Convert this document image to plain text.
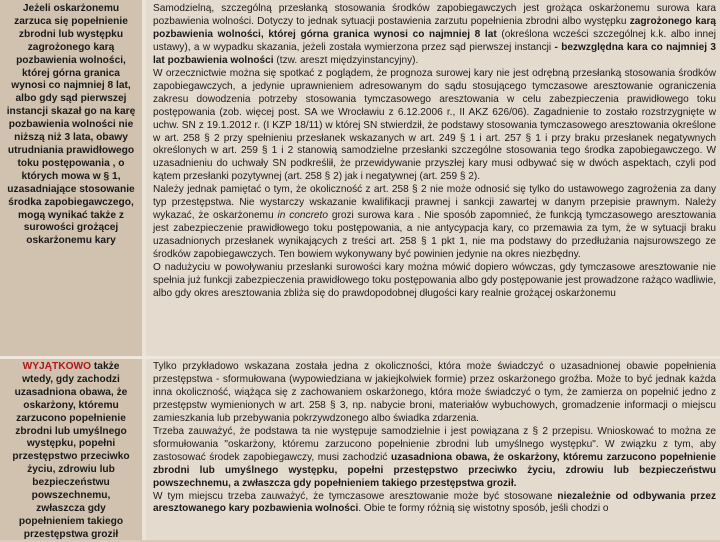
Jeżeli oskarżonemu zarzuca się popełnienie zbrodni lub występku zagrożonego karą pozbawienia wolności, której górna granica wynosi co najmniej 8 lat, albo gdy sąd pierwszej instancji skazał go na karę pozbawienia wolności nie niższą niż 3 lata, obawy utrudniania prawidłowego toku postępowania , o których mowa w § 1, uzasadniające stosowanie środka zapobiegawczego, mogą wynikać także z surowości grożącej oskarżonemu kary

Samodzielną, szczególną przesłanką stosowania środków zapobiegawczych jest grożąca oskarżonemu surowa kara pozbawienia wolności. Dotyczy to jednak sytuacji postawienia zarzutu popełnienia zbrodni albo występku zagrożonego karą pozbawienia wolności, której górna granica wynosi co najmniej 8 lat (określona wcześci szczególnej k.k. albo innej ustawy), a w wypadku skazania, jeżeli została wymierzona przez sąd pierwszej instancji - bezwzględna kara co najmniej 3 lat pozbawienia wolności (tzw. areszt międzyinstancyjny).

W orzecznictwie można się spotkać z poglądem, że prognoza surowej kary nie jest odrębną przesłanką stosowania środków zapobiegawczych, a jedynie uprawnieniem adresowanym do sądu stosującego tymczasowe aresztowanie ograniczenia zakresu dowodzenia potrzeby stosowania tymczasowego aresztowania w celu zabezpieczenia prawidłowego toku postępowania (zob. więcej post. SA we Wrocławiu z 6.12.2006 r., II AKZ 626/06). Zagadnienie to zostało rozstrzygnięte w uchw. SN z 19.1.2012 r. (I KZP 18/11) w której SN stwierdził, że podstawy stosowania tymczasowego aresztowania określone w art. 258 § 2 przy spełnieniu przesłanek wskazanych w art. 249 § 1 i art. 257 § 1 i przy braku przesłanek negatywnych określonych w art. 259 § 1 i 2 stanowią samodzielne przesłanki szczególne stosowania tego środka zapobiegawczego. W uzasadnieniu do uchwały SN podkreślił, że przewidywanie przyszłej kary musi odbywać się w dwóch aspektach, czyli pod kątem przesłanki pozytywnej (art. 258 § 2) jak i negatywnej (art. 259 § 2).

Należy jednak pamiętać o tym, że okoliczność z art. 258 § 2 nie może odnosić się tylko do ustawowego zagrożenia za dany typ przestępstwa. Nie wystarczy wskazanie kwalifikacji prawnej i sankcji zawartej w danym przepisie prawnym. Należy wykazać, że oskarżonemu in concreto grozi surowa kara . Nie sposób zapomnieć, że funkcją tymczasowego aresztowania jest zabezpieczenie prawidłowego toku postępowania, a nie antycypacja kary, co przemawia za tym, że w sytuacji braku uzasadnionych przesłanek wynikających z treści art. 258 § 1 pkt 1, nie ma podstawy do przedłużania najsurowszego ze środków zapobiegawczych. Ten bowiem wykonywany być powinien jedynie na okres niezbędny.

O nadużyciu w powoływaniu przesłanki surowości kary można mówić dopiero wówczas, gdy tymczasowe aresztowanie nie spełnia już funkcji zabezpieczenia prawidłowego toku postępowania albo gdy postępowanie jest prowadzone rażąco wadliwie, albo gdy okres aresztowania zbliża się do prawdopodobnej długości kary realnie grożącej oskarżonemu

WYJĄTKOWO także wtedy, gdy zachodzi uzasadniona obawa, że oskarżony, któremu zarzucono popełnienie zbrodni lub umyślnego występku, popełni przestępstwo przeciwko życiu, zdrowiu lub bezpieczeństwu powszechnemu, zwłaszcza gdy popełnieniem takiego przestępstwa groził

Tylko przykładowo wskazana została jedna z okoliczności, która może świadczyć o uzasadnionej obawie popełnienia przestępstwa - sformułowana (wypowiedziana w jakiejkolwiek formie) przez oskarżonego groźba. Może to być jednak każda inna okoliczność, wiążąca się z zachowaniem oskarżonego, która może świadczyć o tym, że zamierza on popełnić jedno z przestępstw wymienionych w art. 258 § 3, np. nabycie broni, materiałów wybuchowych, gromadzenie informacji o miejscu zamieszkania lub przebywania pokrzywdzonego albo świadka zdarzenia.

Trzeba zauważyć, że podstawa ta nie występuje samodzielnie i jest powiązana z § 2 przepisu. Wnioskować to można ze sformułowania "oskarżony, któremu zarzucono popełnienie zbrodni lub umyślnego występku". W związku z tym, aby zastosować środek zapobiegawczy, musi zachodzić uzasadniona obawa, że oskarżony, któremu zarzucono popełnienie zbrodni lub umyślnego występku, popełni przestępstwo przeciwko życiu, zdrowiu lub bezpieczeństwu powszechnemu, a zwłaszcza gdy popełnieniem takiego przestępstwa groził.

W tym miejscu trzeba zauważyć, że tymczasowe aresztowanie może być stosowane niezależnie od odbywania przez aresztowanego kary pozbawienia wolności. Obie te formy różnią się wistotny sposób, jeśli chodzi o
